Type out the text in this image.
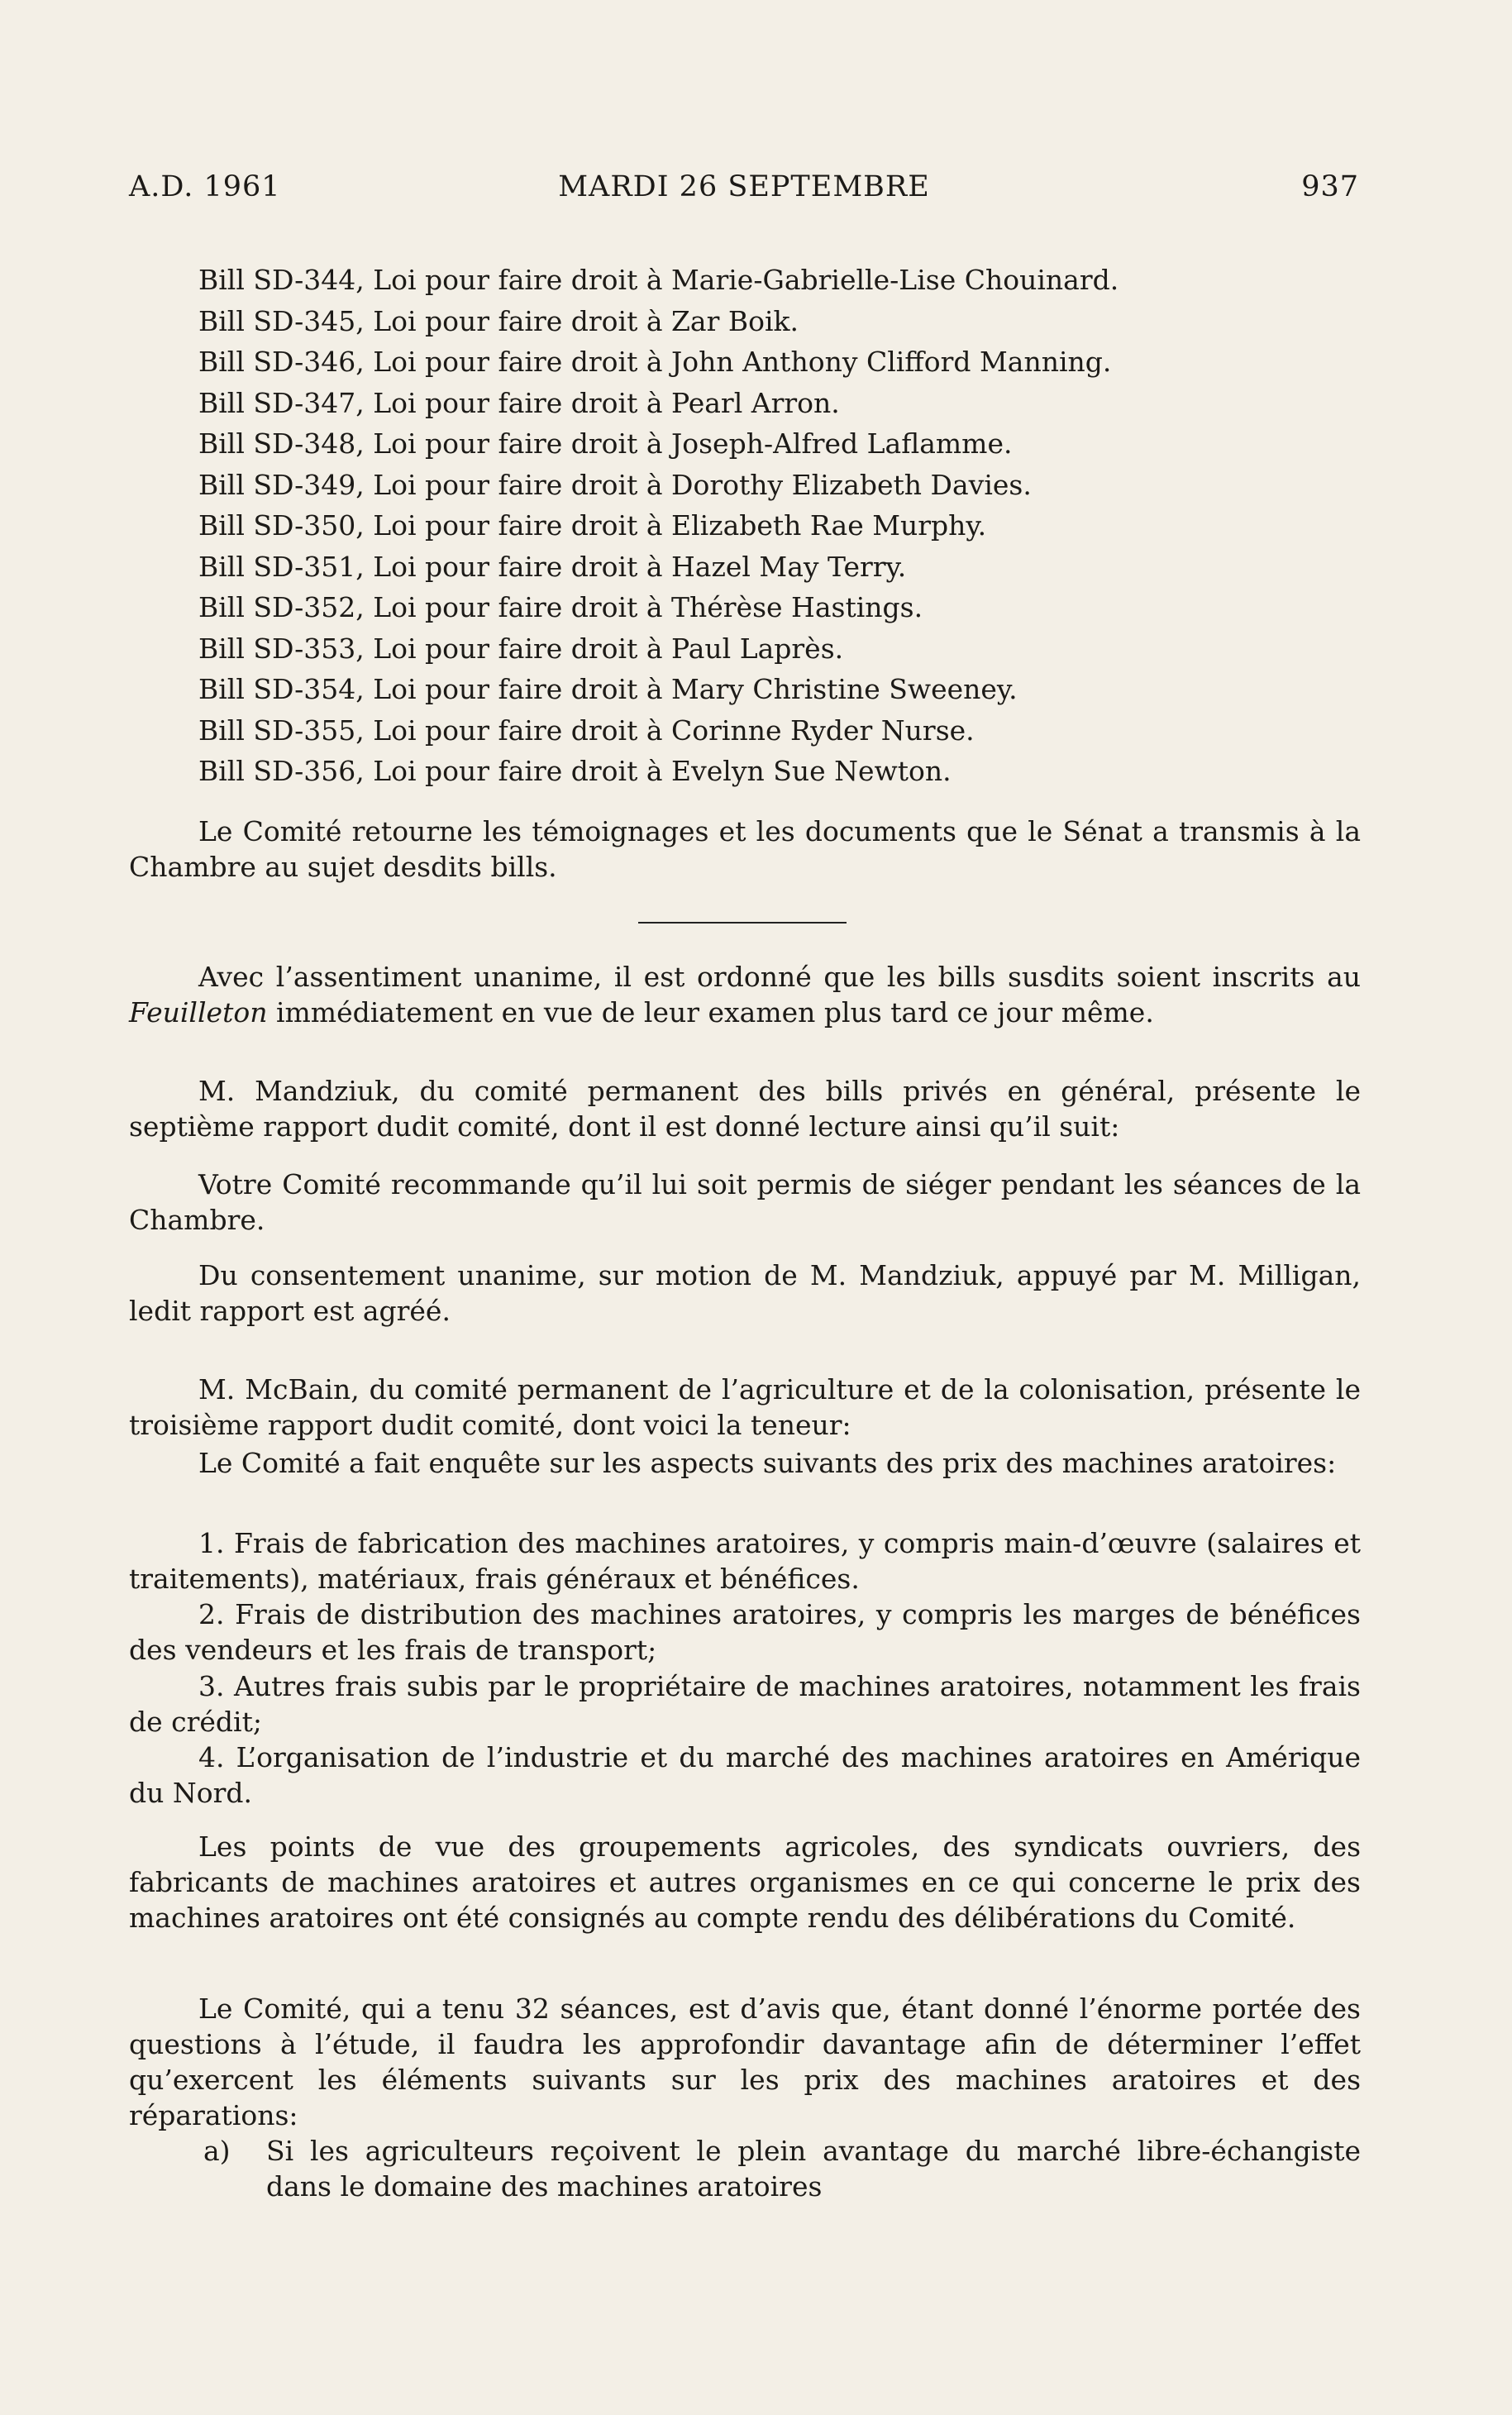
A.D. 1961	MARDI 26 SEPTEMBRE	937
Bill SD-344, Loi pour faire droit à Marie-Gabrielle-Lise Chouinard.
Bill SD-345, Loi pour faire droit à Zar Boik.
Bill SD-346, Loi pour faire droit à John Anthony Clifford Manning.
Bill SD-347, Loi pour faire droit à Pearl Arron.
Bill SD-348, Loi pour faire droit à Joseph-Alfred Laflamme.
Bill SD-349, Loi pour faire droit à Dorothy Elizabeth Davies.
Bill SD-350, Loi pour faire droit à Elizabeth Rae Murphy.
Bill SD-351, Loi pour faire droit à Hazel May Terry.
Bill SD-352, Loi pour faire droit à Thérèse Hastings.
Bill SD-353, Loi pour faire droit à Paul Laprès.
Bill SD-354, Loi pour faire droit à Mary Christine Sweeney.
Bill SD-355, Loi pour faire droit à Corinne Ryder Nurse.
Bill SD-356, Loi pour faire droit à Evelyn Sue Newton.
Le Comité retourne les témoignages et les documents que le Sénat a transmis à la Chambre au sujet desdits bills.
Avec l’assentiment unanime, il est ordonné que les bills susdits soient inscrits au Feuilleton immédiatement en vue de leur examen plus tard ce jour même.
M. Mandziuk, du comité permanent des bills privés en général, présente le septième rapport dudit comité, dont il est donné lecture ainsi qu’il suit:
Votre Comité recommande qu’il lui soit permis de siéger pendant les séances de la Chambre.
Du consentement unanime, sur motion de M. Mandziuk, appuyé par M. Milligan, ledit rapport est agréé.
M. McBain, du comité permanent de l’agriculture et de la colonisation, présente le troisième rapport dudit comité, dont voici la teneur:
Le Comité a fait enquête sur les aspects suivants des prix des machines aratoires:
1. Frais de fabrication des machines aratoires, y compris main-d’œuvre (salaires et traitements), matériaux, frais généraux et bénéfices.
2. Frais de distribution des machines aratoires, y compris les marges de bénéfices des vendeurs et les frais de transport;
3. Autres frais subis par le propriétaire de machines aratoires, notamment les frais de crédit;
4. L’organisation de l’industrie et du marché des machines aratoires en Amérique du Nord.
Les points de vue des groupements agricoles, des syndicats ouvriers, des fabricants de machines aratoires et autres organismes en ce qui concerne le prix des machines aratoires ont été consignés au compte rendu des délibérations du Comité.
Le Comité, qui a tenu 32 séances, est d’avis que, étant donné l’énorme portée des questions à l’étude, il faudra les approfondir davantage afin de déterminer l’effet qu’exercent les éléments suivants sur les prix des machines aratoires et des réparations:
a) Si les agriculteurs reçoivent le plein avantage du marché libre-échangiste dans le domaine des machines aratoires
